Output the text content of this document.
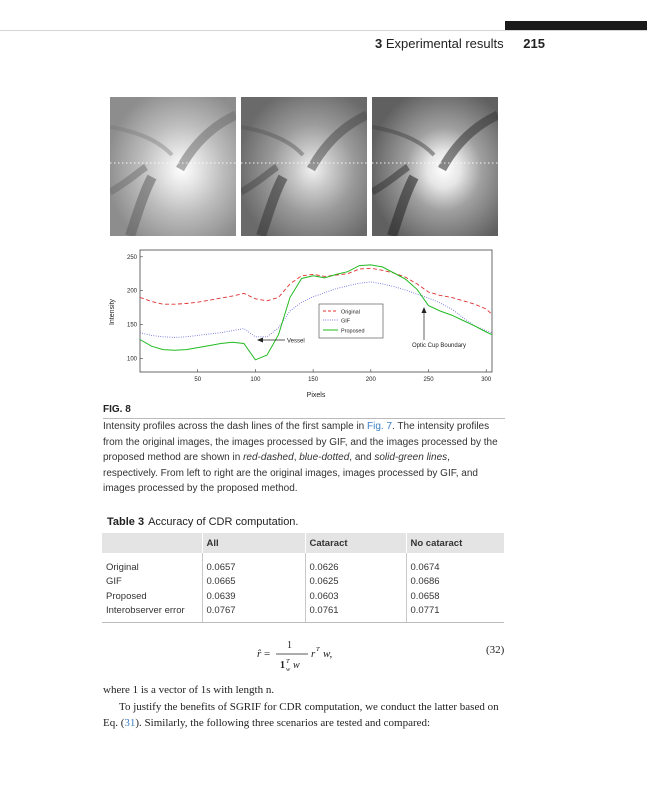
3 Experimental results 215
50	100	150	200	250	300
100
150
200
250
Intensity
Pixels
Original
GIF
Proposed
Vessel
Optic Cup Boundary
FIG. 8
Intensity profiles across the dash lines of the first sample in Fig. 7. The intensity profiles from the original images, the images processed by GIF, and the images processed by the proposed method are shown in red-dashed, blue-dotted, and solid-green lines, respectively. From left to right are the original images, images processed by GIF, and images processed by the proposed method.
Table 3 Accuracy of CDR computation.
	All	Cataract	No cataract
Original	0.0657	0.0626	0.0674
GIF	0.0665	0.0625	0.0686
Proposed	0.0639	0.0603	0.0658
Interobserver error	0.0767	0.0761	0.0771
r̂ =
1
1 T
w w
r T w,	(32)

where 1 is a vector of 1s with length n.

To justify the benefits of SGRIF for CDR computation, we conduct the latter based on Eq. (31). Similarly, the following three scenarios are tested and compared:
